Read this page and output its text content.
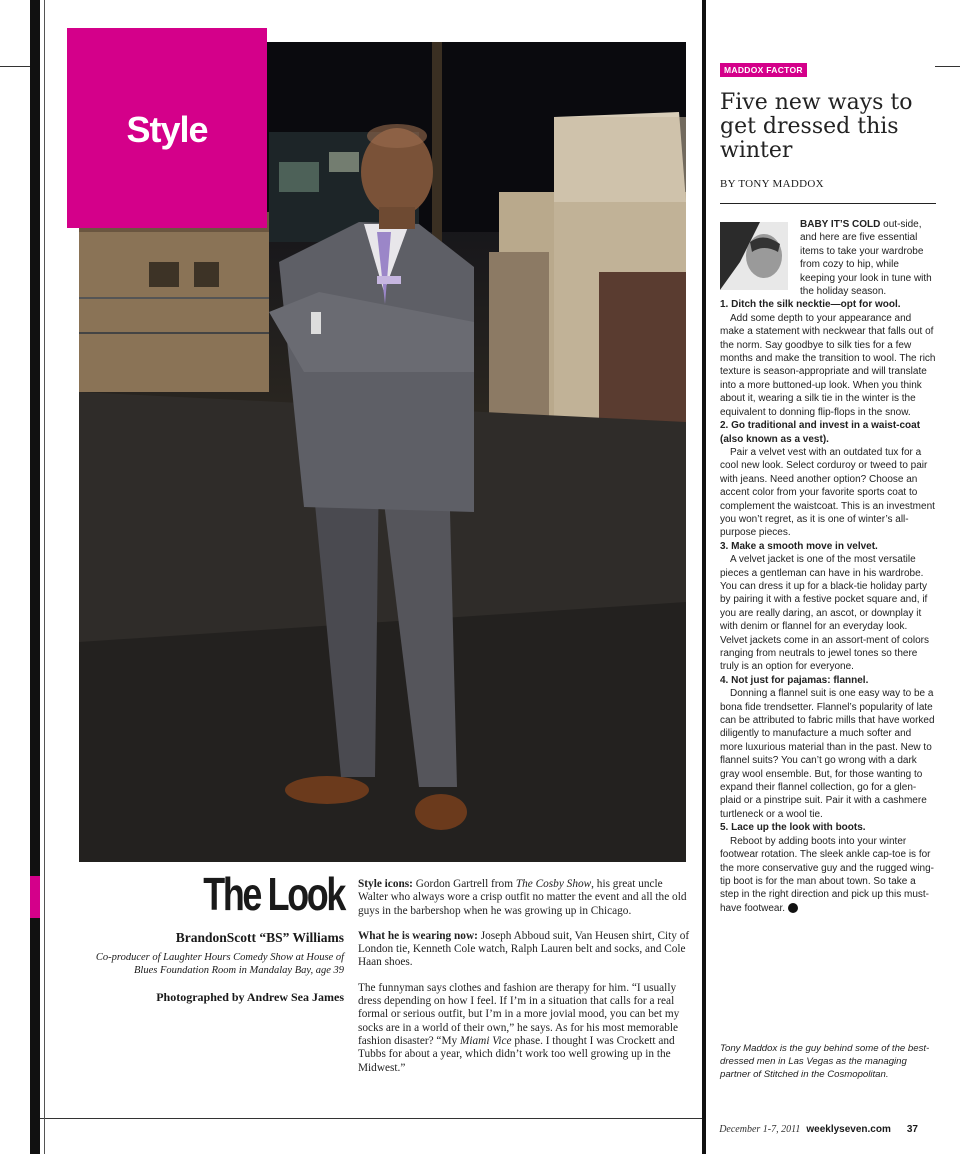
Style
The Look
BrandonScott “BS” Williams
Co-producer of Laughter Hours Comedy Show at House of Blues Foundation Room in Mandalay Bay, age 39
Photographed by Andrew Sea James

Style icons: Gordon Gartrell from The Cosby Show, his great uncle Walter who always wore a crisp outfit no matter the event and all the old guys in the barbershop when he was growing up in Chicago.

What he is wearing now: Joseph Abboud suit, Van Heusen shirt, City of London tie, Kenneth Cole watch, Ralph Lauren belt and socks, and Cole Haan shoes.

The funnyman says clothes and fashion are therapy for him. “I usually dress depending on how I feel. If I’m in a situation that calls for a real formal or serious outfit, but I’m in a more jovial mood, you can bet my socks are in a world of their own,” he says. As for his most memorable fashion disaster? “My Miami Vice phase. I thought I was Crockett and Tubbs for about a year, which didn’t work too well growing up in the Midwest.”

MADDOX FACTOR
Five new ways to get dressed this winter
BY TONY MADDOX

BABY IT’S COLD out-side, and here are five essential items to take your wardrobe from cozy to hip, while keeping your look in tune with the holiday season.

1. Ditch the silk necktie—opt for wool.

Add some depth to your appearance and make a statement with neckwear that falls out of the norm. Say goodbye to silk ties for a few months and make the transition to wool. The rich texture is season-appropriate and will translate into a more buttoned-up look. When you think about it, wearing a silk tie in the winter is the equivalent to donning flip-flops in the snow.

2. Go traditional and invest in a waist-coat (also known as a vest).

Pair a velvet vest with an outdated tux for a cool new look. Select corduroy or tweed to pair with jeans. Need another option? Choose an accent color from your favorite sports coat to complement the waistcoat. This is an investment you won’t regret, as it is one of winter’s all-purpose pieces.

3. Make a smooth move in velvet.

A velvet jacket is one of the most versatile pieces a gentleman can have in his wardrobe. You can dress it up for a black-tie holiday party by pairing it with a festive pocket square and, if you are really daring, an ascot, or downplay it with denim or flannel for an everyday look. Velvet jackets come in an assort-ment of colors ranging from neutrals to jewel tones so there truly is an option for everyone.

4. Not just for pajamas: flannel.

Donning a flannel suit is one easy way to be a bona fide trendsetter. Flannel’s popularity of late can be attributed to fabric mills that have worked diligently to manufacture a much softer and more luxurious material than in the past. New to flannel suits? You can’t go wrong with a dark gray wool ensemble. But, for those wanting to expand their flannel collection, go for a glen-plaid or a pinstripe suit. Pair it with a cashmere turtleneck or a wool tie.

5. Lace up the look with boots.

Reboot by adding boots into your winter footwear rotation. The sleek ankle cap-toe is for the more conservative guy and the rugged wing-tip boot is for the man about town. So take a step in the right direction and pick up this must-have footwear. 7

Tony Maddox is the guy behind some of the best-dressed men in Las Vegas as the managing partner of Stitched in the Cosmopolitan.
December 1-7, 2011 weeklyseven.com 37
